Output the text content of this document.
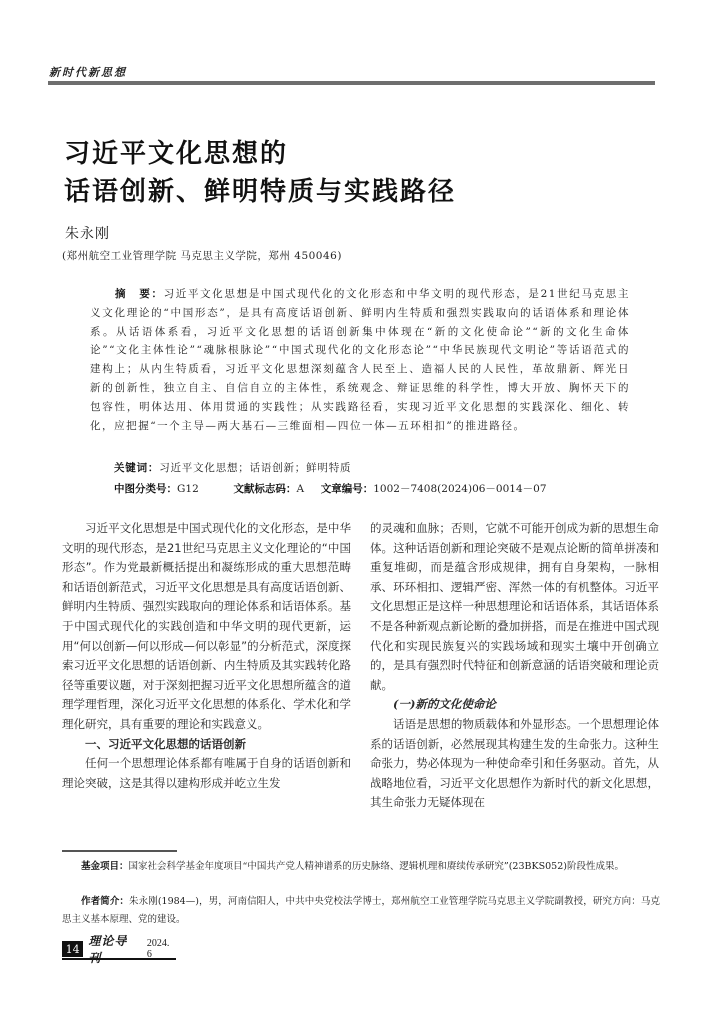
新时代新思想
习近平文化思想的
话语创新、鲜明特质与实践路径
朱永刚
(郑州航空工业管理学院 马克思主义学院，郑州 450046)
摘　要：习近平文化思想是中国式现代化的文化形态和中华文明的现代形态，是21世纪马克思主义文化理论的“中国形态”，是具有高度话语创新、鲜明内生特质和强烈实践取向的话语体系和理论体系。从话语体系看，习近平文化思想的话语创新集中体现在“新的文化使命论”“新的文化生命体论”“文化主体性论”“魂脉根脉论”“中国式现代化的文化形态论”“中华民族现代文明论”等话语范式的建构上；从内生特质看，习近平文化思想深刻蕴含人民至上、造福人民的人民性，革故鼎新、辉光日新的创新性，独立自主、自信自立的主体性，系统观念、辩证思维的科学性，博大开放、胸怀天下的包容性，明体达用、体用贯通的实践性；从实践路径看，实现习近平文化思想的实践深化、细化、转化，应把握“一个主导—两大基石—三维面相—四位一体—五环相扣”的推进路径。
关键词：习近平文化思想；话语创新；鲜明特质
中图分类号：G12	文献标志码：A 文章编号：1002－7408(2024)06－0014－07

习近平文化思想是中国式现代化的文化形态，是中华文明的现代形态，是21世纪马克思主义文化理论的“中国形态”。作为党最新概括提出和凝练形成的重大思想范畴和话语创新范式，习近平文化思想是具有高度话语创新、鲜明内生特质、强烈实践取向的理论体系和话语体系。基于中国式现代化的实践创造和中华文明的现代更新，运用“何以创新—何以形成—何以彰显”的分析范式，深度探索习近平文化思想的话语创新、内生特质及其实践转化路径等重要议题，对于深刻把握习近平文化思想所蕴含的道理学理哲理，深化习近平文化思想的体系化、学术化和学理化研究，具有重要的理论和实践意义。

一、习近平文化思想的话语创新

任何一个思想理论体系都有唯属于自身的话语创新和理论突破，这是其得以建构形成并屹立生发

的灵魂和血脉；否则，它就不可能开创成为新的思想生命体。这种话语创新和理论突破不是观点论断的简单拼凑和重复堆砌，而是蕴含形成规律，拥有自身架构，一脉相承、环环相扣、逻辑严密、浑然一体的有机整体。习近平文化思想正是这样一种思想理论和话语体系，其话语体系不是各种新观点新论断的叠加拼搭，而是在推进中国式现代化和实现民族复兴的实践场域和现实土壤中开创确立的，是具有强烈时代特征和创新意涵的话语突破和理论贡献。

(一)新的文化使命论

话语是思想的物质载体和外显形态。一个思想理论体系的话语创新，必然展现其构建生发的生命张力。这种生命张力，势必体现为一种使命牵引和任务驱动。首先，从战略地位看，习近平文化思想作为新时代的新文化思想，其生命张力无疑体现在

基金项目：国家社会科学基金年度项目“中国共产党人精神谱系的历史脉络、逻辑机理和赓续传承研究”(23BKS052)阶段性成果。
作者简介：朱永刚(1984—)，男，河南信阳人，中共中央党校法学博士，郑州航空工业管理学院马克思主义学院副教授，研究方向：马克思主义基本原理、党的建设。
14
理论导刊
2024. 6
